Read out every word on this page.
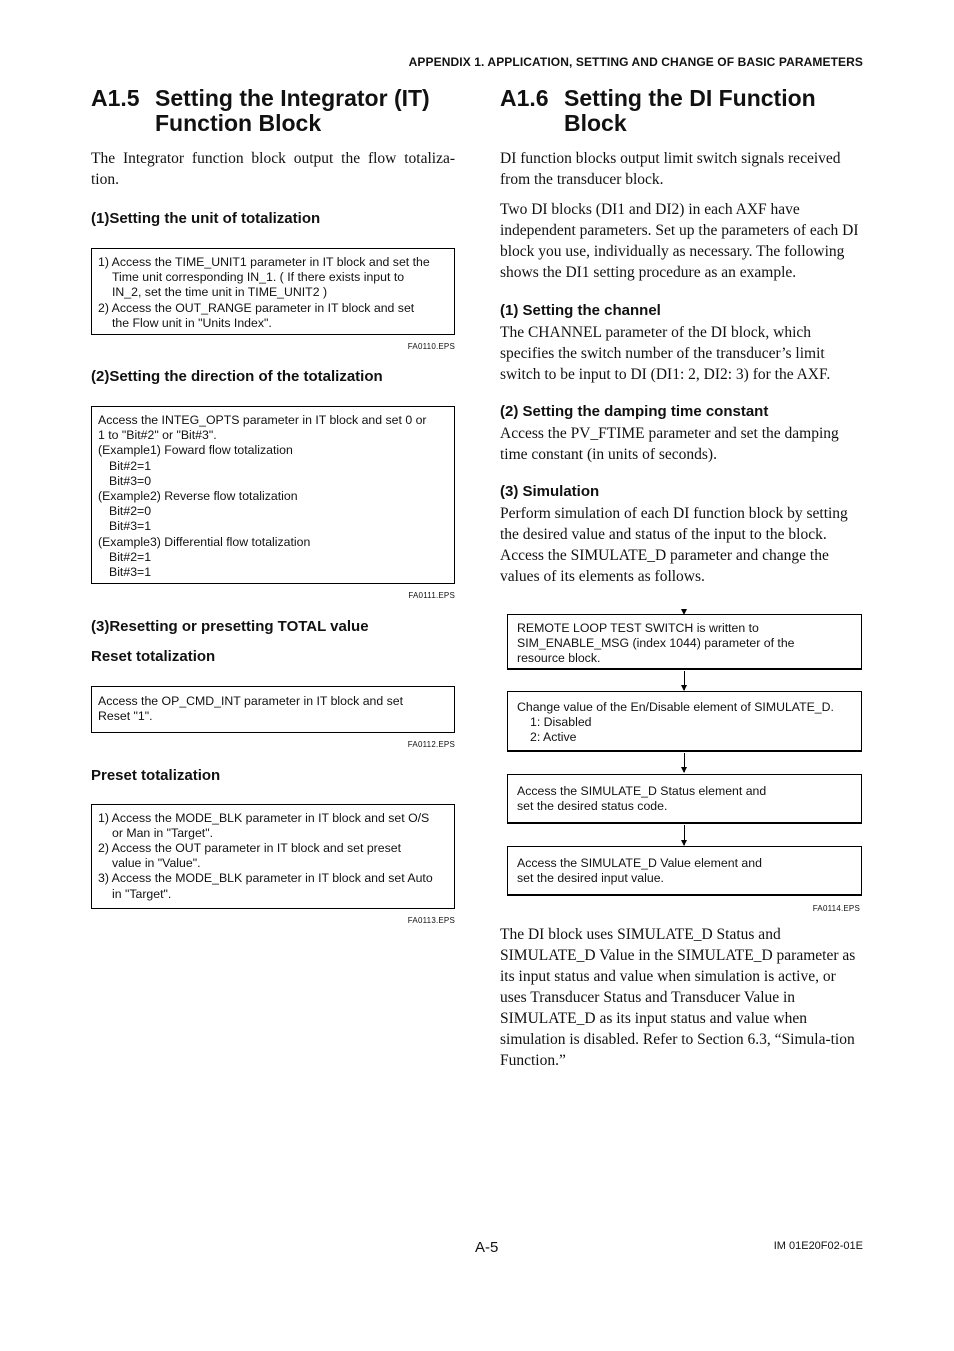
APPENDIX 1. APPLICATION, SETTING AND CHANGE OF BASIC PARAMETERS
A1.5 Setting the Integrator (IT) Function Block

The Integrator function block output the flow totaliza-tion.

(1)Setting the unit of totalization
1) Access the TIME_UNIT1 parameter in IT block and set the
Time unit corresponding IN_1. ( If there exists input to
IN_2, set the time unit in TIME_UNIT2 )
2) Access the OUT_RANGE parameter in IT block and set
the Flow unit in "Units Index".
FA0110.EPS
(2)Setting the direction of the totalization
Access the INTEG_OPTS parameter in IT block and set 0 or
1 to "Bit#2" or "Bit#3".
(Example1) Foward flow totalization
Bit#2=1
Bit#3=0
(Example2) Reverse flow totalization
Bit#2=0
Bit#3=1
(Example3) Differential flow totalization
Bit#2=1
Bit#3=1
FA0111.EPS
(3)Resetting or presetting TOTAL value
Reset totalization
Access the OP_CMD_INT parameter in IT block and set
Reset "1".
FA0112.EPS
Preset totalization
1) Access the MODE_BLK parameter in IT block and set O/S
or Man in "Target".
2) Access the OUT parameter in IT block and set preset
value in "Value".
3) Access the MODE_BLK parameter in IT block and set Auto
in "Target".
FA0113.EPS
A1.6 Setting the DI Function Block

DI function blocks output limit switch signals received from the transducer block.

Two DI blocks (DI1 and DI2) in each AXF have independent parameters. Set up the parameters of each DI block you use, individually as necessary. The following shows the DI1 setting procedure as an example.

(1) Setting the channel

The CHANNEL parameter of the DI block, which specifies the switch number of the transducer’s limit switch to be input to DI (DI1: 2, DI2: 3) for the AXF.

(2) Setting the damping time constant

Access the PV_FTIME parameter and set the damping time constant (in units of seconds).

(3) Simulation

Perform simulation of each DI function block by setting the desired value and status of the input to the block. Access the SIMULATE_D parameter and change the values of its elements as follows.

REMOTE LOOP TEST SWITCH is written to
SIM_ENABLE_MSG (index 1044) parameter of the
resource block.
Change value of the En/Disable element of SIMULATE_D.
1: Disabled
2: Active
Access the SIMULATE_D Status element and
set the desired status code.
Access the SIMULATE_D Value element and
set the desired input value.
FA0114.EPS

The DI block uses SIMULATE_D Status and SIMULATE_D Value in the SIMULATE_D parameter as its input status and value when simulation is active, or uses Transducer Status and Transducer Value in SIMULATE_D as its input status and value when simulation is disabled. Refer to Section 6.3, “Simula-tion Function.”

A-5	IM 01E20F02-01E
